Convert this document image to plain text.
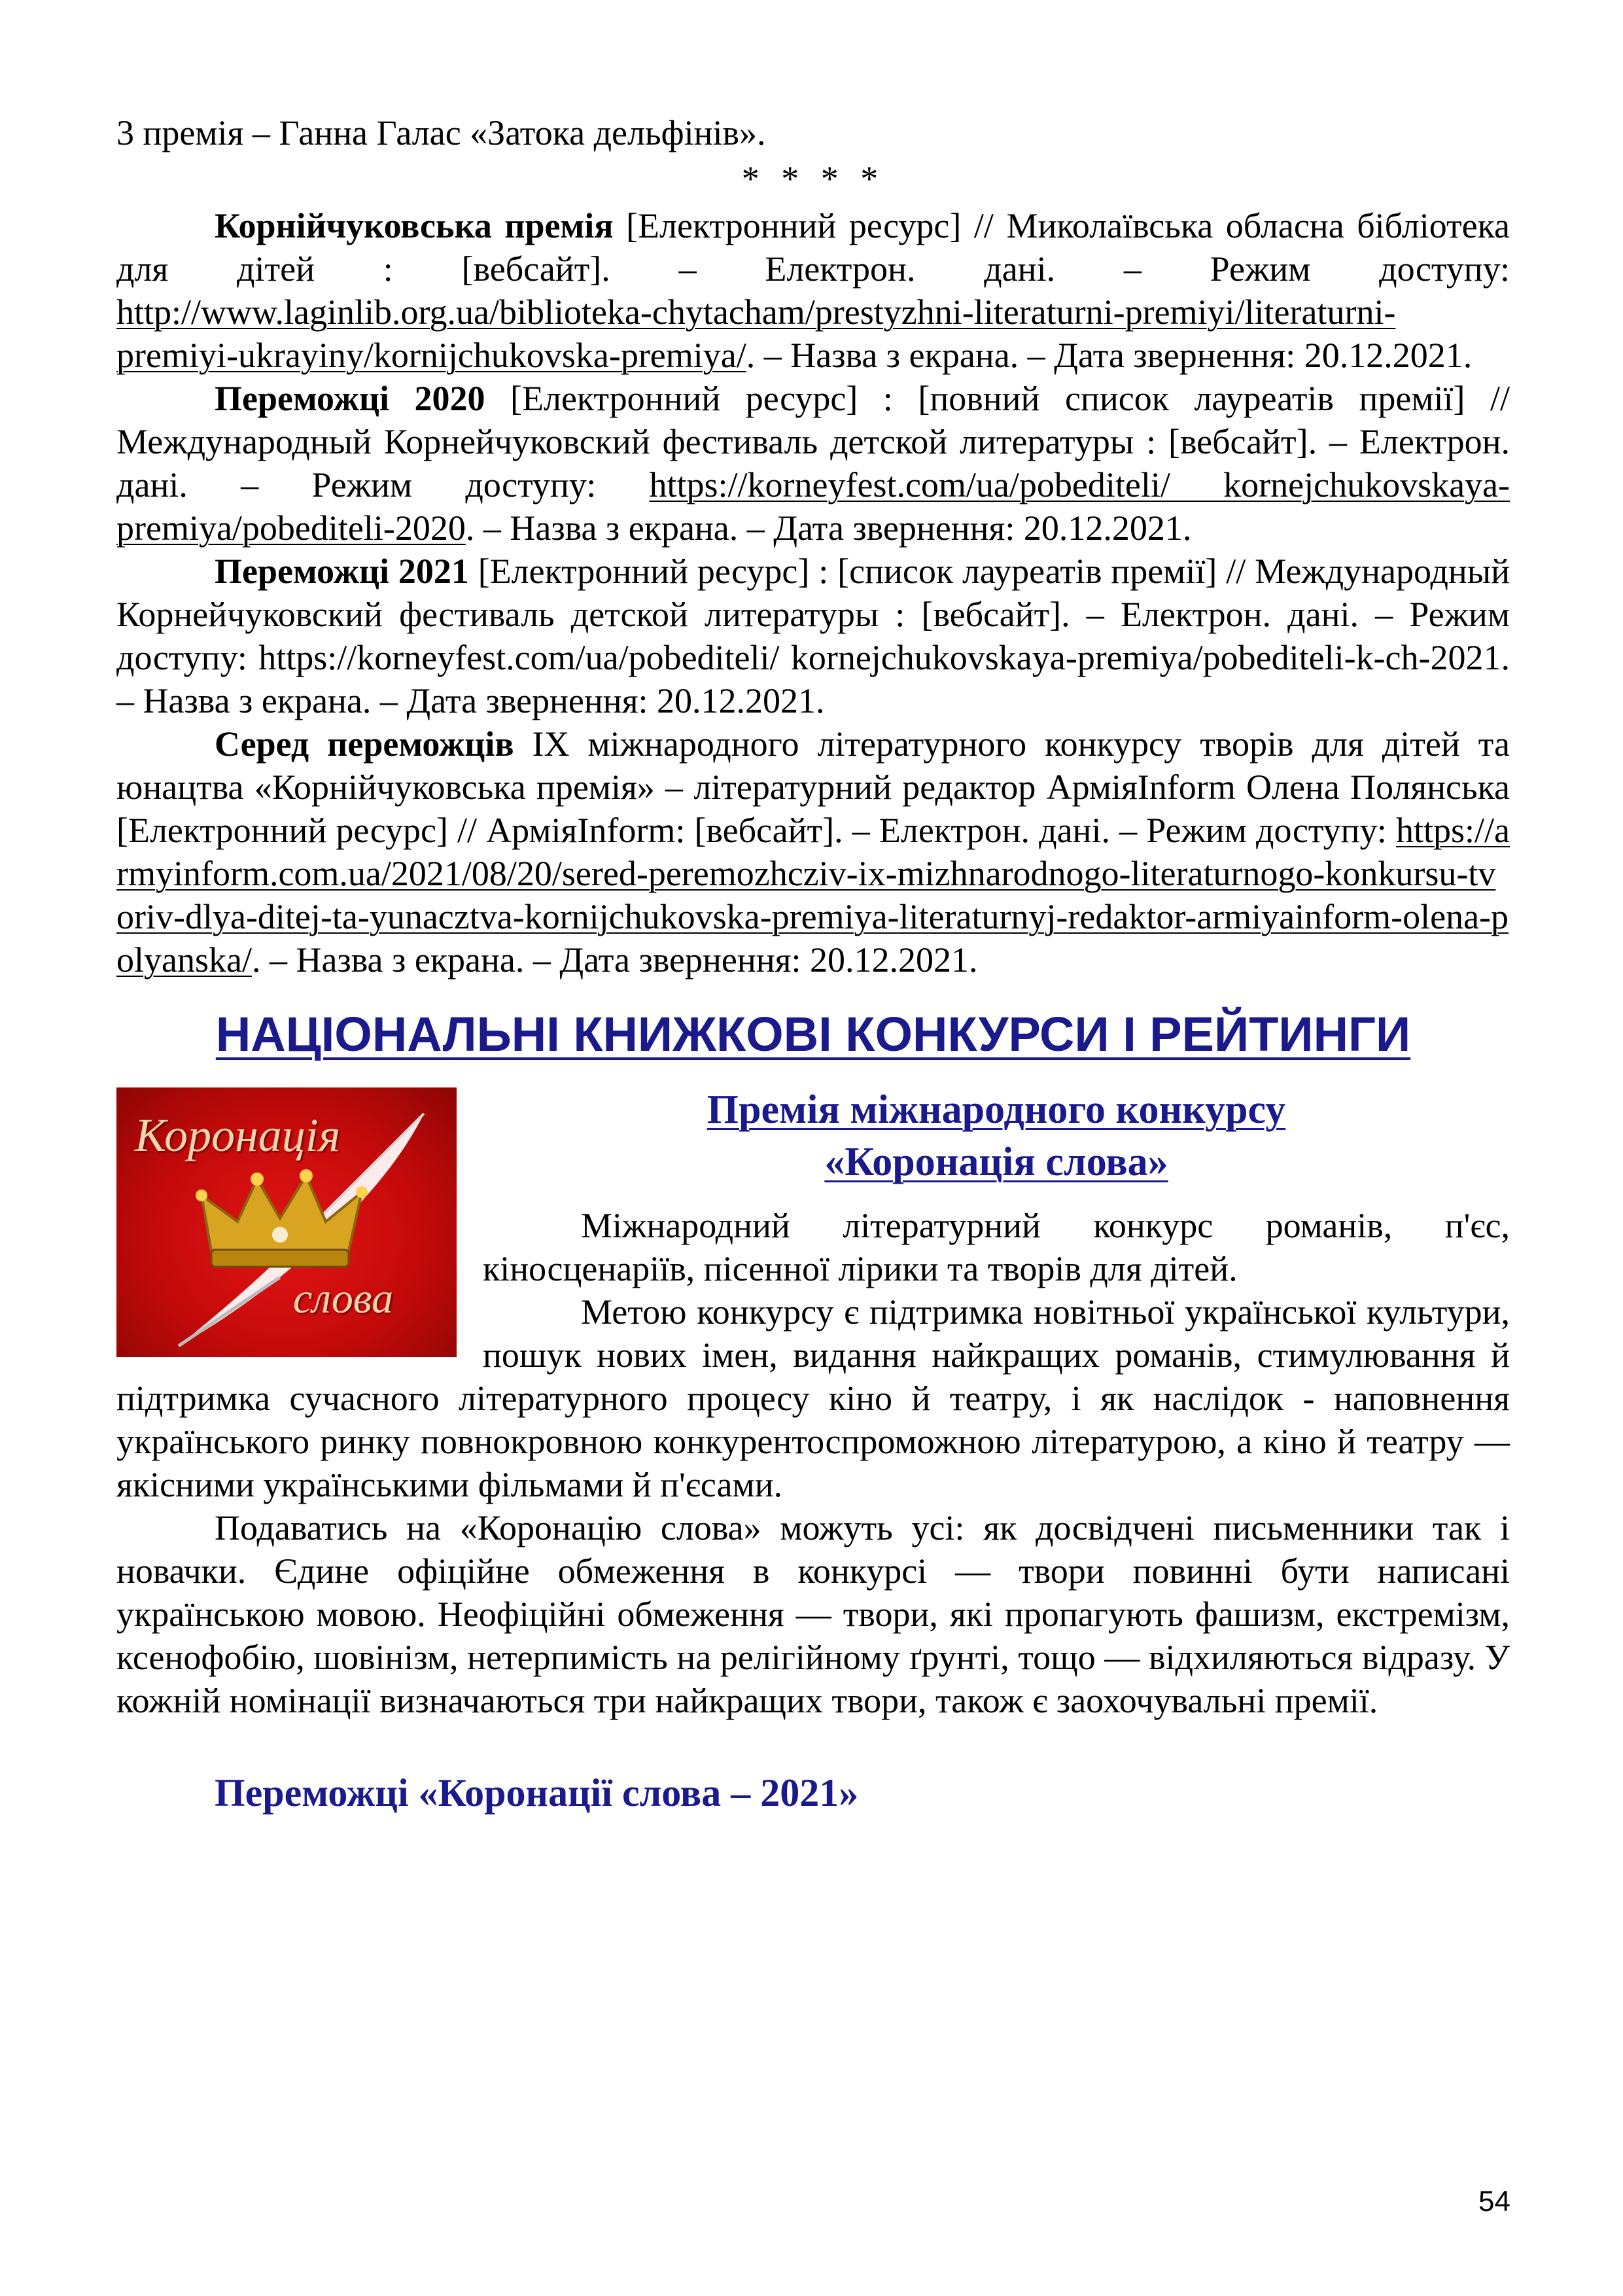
3 премія – Ганна Галас «Затока дельфінів».

* * * *

Корнійчуковська премія [Електронний ресурс] // Миколаївська обласна бібліотека для дітей : [вебсайт]. – Електрон. дані. – Режим доступу: http://www.laginlib.org.ua/biblioteka-chytacham/prestyzhni-literaturni-premiyi/literaturni-premiyi-ukrayiny/kornijchukovska-premiya/. – Назва з екрана. – Дата звернення: 20.12.2021.

Переможці 2020 [Електронний ресурс] : [повний список лауреатів премії] // Международный Корнейчуковский фестиваль детской литературы : [вебсайт]. – Електрон. дані. – Режим доступу: https://korneyfest.com/ua/pobediteli/ kornejchukovskaya-premiya/pobediteli-2020. – Назва з екрана. – Дата звернення: 20.12.2021.

Переможці 2021 [Електронний ресурс] : [список лауреатів премії] // Международный Корнейчуковский фестиваль детской литературы : [вебсайт]. – Електрон. дані. – Режим доступу: https://korneyfest.com/ua/pobediteli/ kornejchukovskaya-premiya/pobediteli-k-ch-2021. – Назва з екрана. – Дата звернення: 20.12.2021.

Серед переможців ІХ міжнародного літературного конкурсу творів для дітей та юнацтва «Корнійчуковська премія» – літературний редактор АрміяInform Олена Полянська [Електронний ресурс] // АрміяInform: [вебсайт]. – Електрон. дані. – Режим доступу: https://armyinform.com.ua/2021/08/20/sered-peremozhcziv-ix-mizhnarodnogo-literaturnogo-konkursu-tvoriv-dlya-ditej-ta-yunacztva-kornijchukovska-premiya-literaturnyj-redaktor-armiyainform-olena-polyanska/. – Назва з екрана. – Дата звернення: 20.12.2021.

НАЦІОНАЛЬНІ КНИЖКОВІ КОНКУРСИ І РЕЙТИНГИ
Коронація
слова
Премія міжнародного конкурсу
«Коронація слова»

Міжнародний літературний конкурс романів, п'єс, кіносценаріїв, пісенної лірики та творів для дітей.

Метою конкурсу є підтримка новітньої української культури, пошук нових імен, видання найкращих романів, стимулювання й підтримка сучасного літературного процесу кіно й театру, і як наслідок - наповнення українського ринку повнокровною конкурентоспроможною літературою, а кіно й театру — якісними українськими фільмами й п'єсами.

Подаватись на «Коронацію слова» можуть усі: як досвідчені письменники так і новачки. Єдине офіційне обмеження в конкурсі — твори повинні бути написані українською мовою. Неофіційні обмеження — твори, які пропагують фашизм, екстремізм, ксенофобію, шовінізм, нетерпимість на релігійному ґрунті, тощо — відхиляються відразу. У кожній номінації визначаються три найкращих твори, також є заохочувальні премії.

Переможці «Коронації слова – 2021»
54
